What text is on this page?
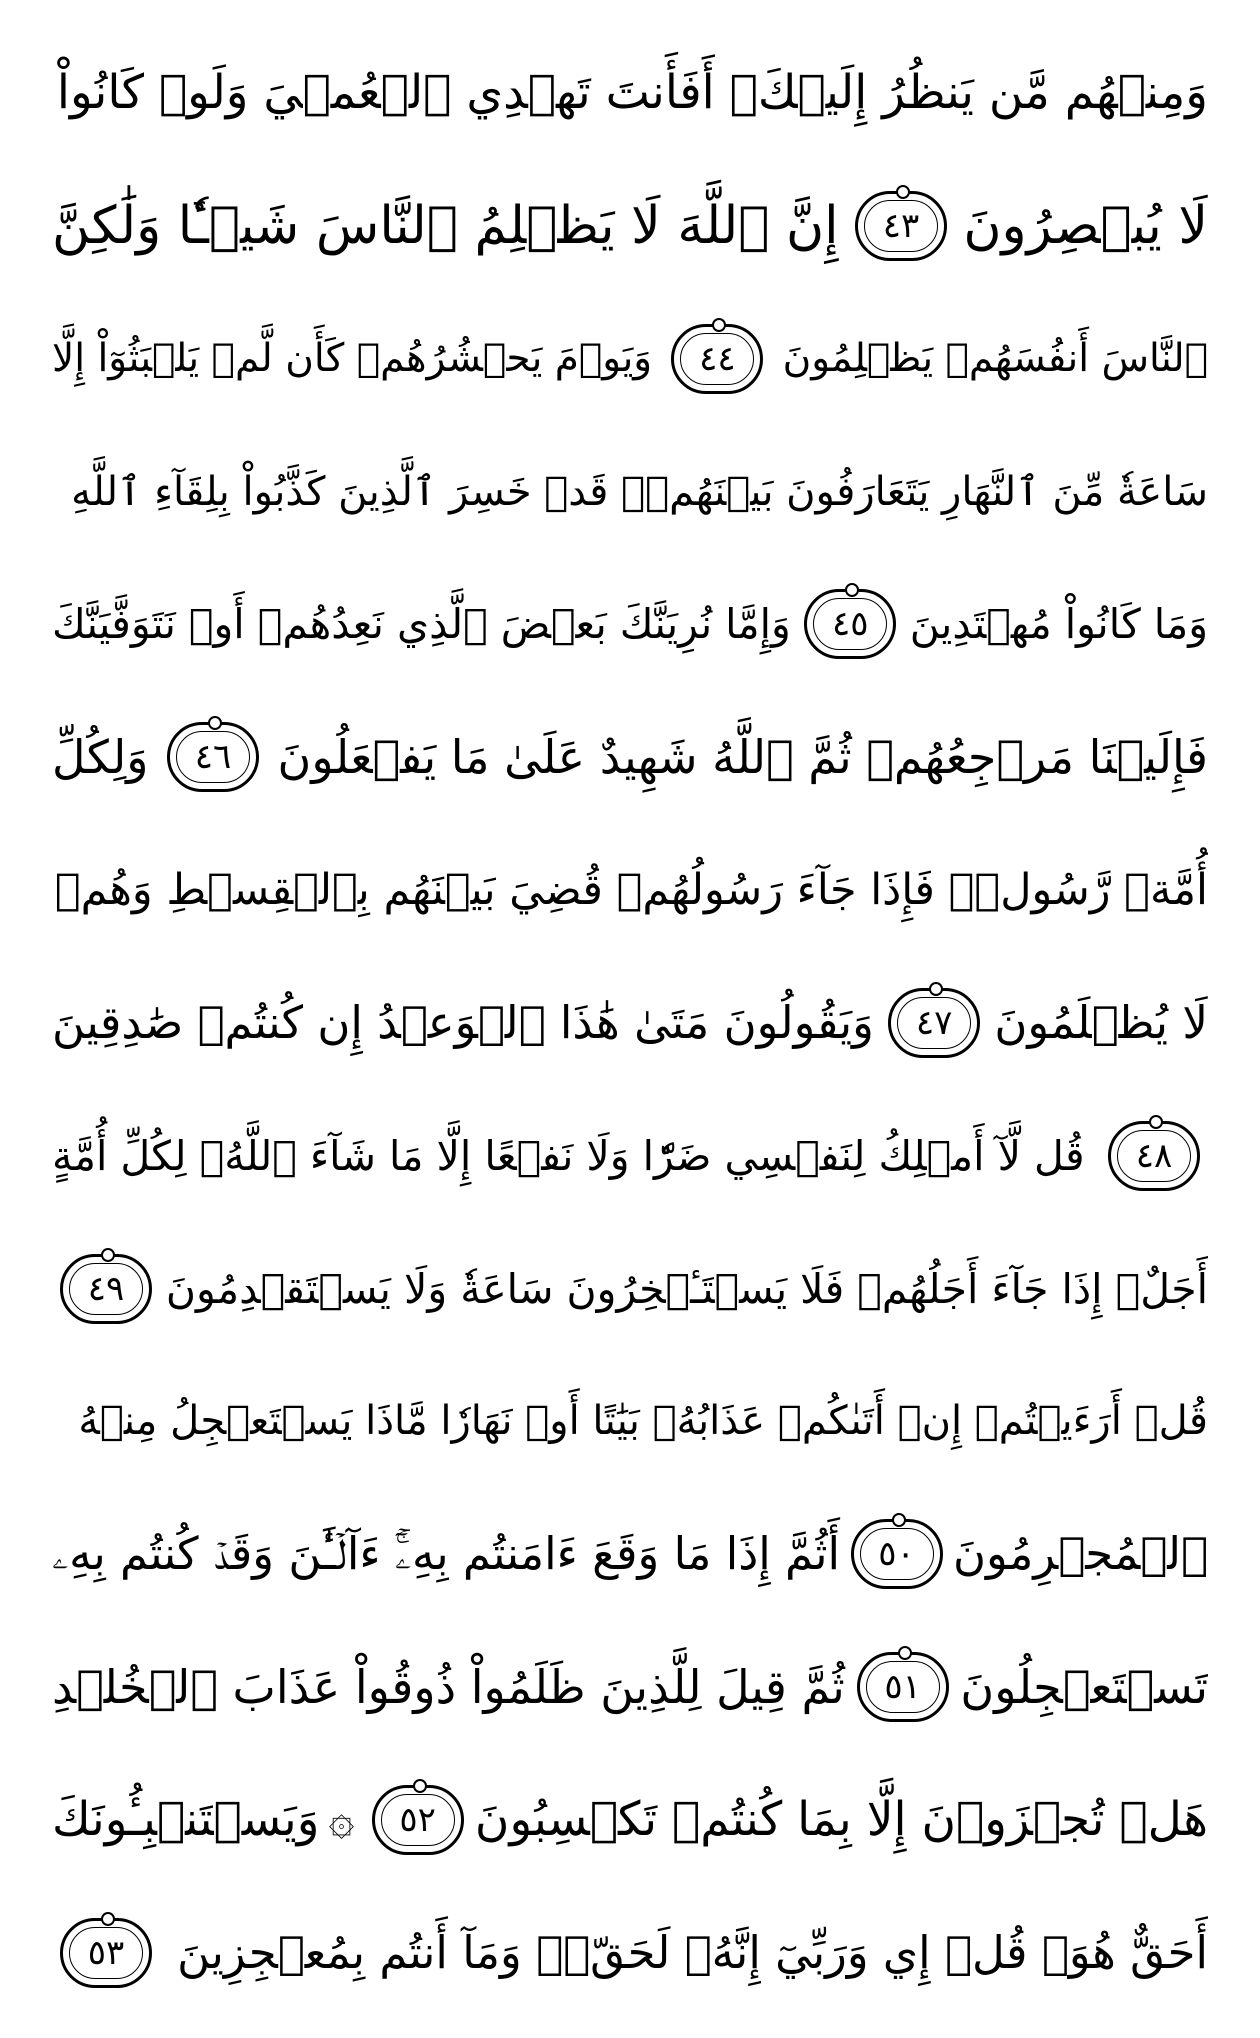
وَمِنۡهُم مَّن يَنظُرُ إِلَيۡكَۚ أَفَأَنتَ تَهۡدِي ٱلۡعُمۡيَ وَلَوۡ كَانُواْ
لَا يُبۡصِرُونَ
٤٣
إِنَّ ٱللَّهَ لَا يَظۡلِمُ ٱلنَّاسَ شَيۡـٔٗا وَلَٰكِنَّ
ٱلنَّاسَ أَنفُسَهُمۡ يَظۡلِمُونَ
٤٤
وَيَوۡمَ يَحۡشُرُهُمۡ كَأَن لَّمۡ يَلۡبَثُوٓاْ إِلَّا
سَاعَةٗ مِّنَ ٱلنَّهَارِ يَتَعَارَفُونَ بَيۡنَهُمۡۚ قَدۡ خَسِرَ ٱلَّذِينَ كَذَّبُواْ بِلِقَآءِ ٱللَّهِ
وَمَا كَانُواْ مُهۡتَدِينَ
٤٥
وَإِمَّا نُرِيَنَّكَ بَعۡضَ ٱلَّذِي نَعِدُهُمۡ أَوۡ نَتَوَفَّيَنَّكَ
فَإِلَيۡنَا مَرۡجِعُهُمۡ ثُمَّ ٱللَّهُ شَهِيدٌ عَلَىٰ مَا يَفۡعَلُونَ
٤٦
وَلِكُلِّ
أُمَّةٖ رَّسُولٞۖ فَإِذَا جَآءَ رَسُولُهُمۡ قُضِيَ بَيۡنَهُم بِٱلۡقِسۡطِ وَهُمۡ
لَا يُظۡلَمُونَ
٤٧
وَيَقُولُونَ مَتَىٰ هَٰذَا ٱلۡوَعۡدُ إِن كُنتُمۡ صَٰدِقِينَ
٤٨
قُل لَّآ أَمۡلِكُ لِنَفۡسِي ضَرّٗا وَلَا نَفۡعًا إِلَّا مَا شَآءَ ٱللَّهُۗ لِكُلِّ أُمَّةٍ
أَجَلٌۚ إِذَا جَآءَ أَجَلُهُمۡ فَلَا يَسۡتَـٔۡخِرُونَ سَاعَةٗ وَلَا يَسۡتَقۡدِمُونَ
٤٩
قُلۡ أَرَءَيۡتُمۡ إِنۡ أَتَىٰكُمۡ عَذَابُهُۥ بَيَٰتًا أَوۡ نَهَارٗا مَّاذَا يَسۡتَعۡجِلُ مِنۡهُ
ٱلۡمُجۡرِمُونَ
٥٠
أَثُمَّ إِذَا مَا وَقَعَ ءَامَنتُم بِهِۦٓۚ ءَآلۡـَٰٔنَ وَقَدۡ كُنتُم بِهِۦ
تَسۡتَعۡجِلُونَ
٥١
ثُمَّ قِيلَ لِلَّذِينَ ظَلَمُواْ ذُوقُواْ عَذَابَ ٱلۡخُلۡدِ
هَلۡ تُجۡزَوۡنَ إِلَّا بِمَا كُنتُمۡ تَكۡسِبُونَ
٥٢
۞
وَيَسۡتَنۢبِـُٔونَكَ
أَحَقٌّ هُوَۖ قُلۡ إِي وَرَبِّيٓ إِنَّهُۥ لَحَقّٞۖ وَمَآ أَنتُم بِمُعۡجِزِينَ
٥٣
